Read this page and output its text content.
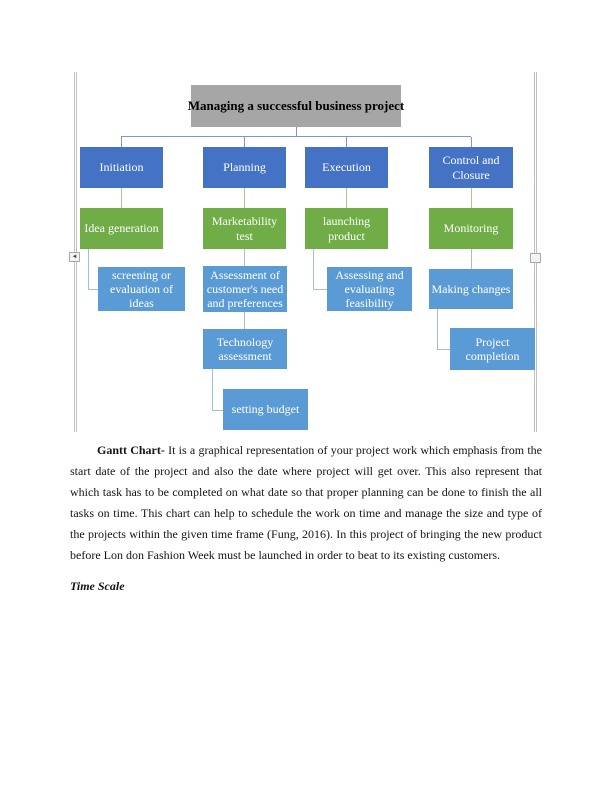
◄
Managing a successful business project
Initiation	Planning	Execution
Control and Closure
Idea generation
Marketability test
launching product
Monitoring
screening or evaluation of ideas
Assessment of customer's need and preferences
Assessing and evaluating feasibility
Making changes
Technology assessment
Project completion
setting budget

Gantt Chart- It is a graphical representation of your project work which emphasis from the start date of the project and also the date where project will get over. This also represent that which task has to be completed on what date so that proper planning can be done to finish the all tasks on time. This chart can help to schedule the work on time and manage the size and type of the projects within the given time frame (Fung, 2016). In this project of bringing the new product before Lon don Fashion Week must be launched in order to beat to its existing customers.

Time Scale
